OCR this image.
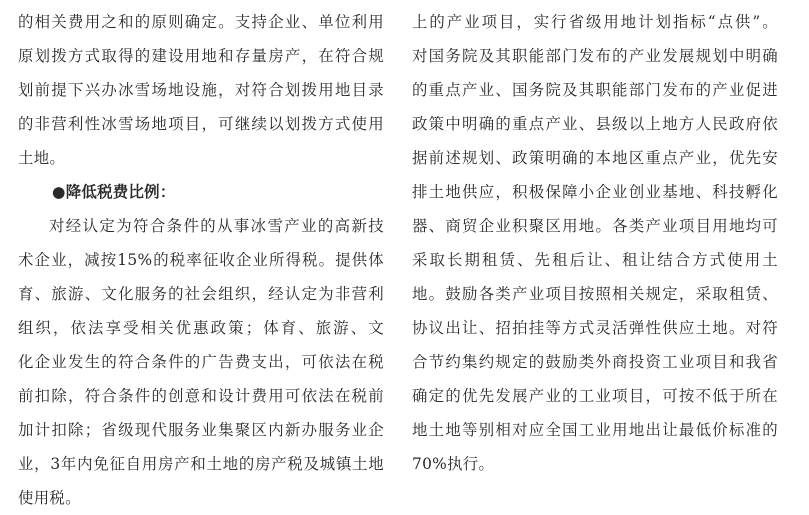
的相关费用之和的原则确定。支持企业、单位利用
原划拨方式取得的建设用地和存量房产，在符合规
划前提下兴办冰雪场地设施，对符合划拨用地目录
的非营利性冰雪场地项目，可继续以划拨方式使用
土地。
●降低税费比例：
对经认定为符合条件的从事冰雪产业的高新技
术企业，减按15%的税率征收企业所得税。提供体
育、旅游、文化服务的社会组织，经认定为非营利
组织，依法享受相关优惠政策；体育、旅游、文
化企业发生的符合条件的广告费支出，可依法在税
前扣除，符合条件的创意和设计费用可依法在税前
加计扣除；省级现代服务业集聚区内新办服务业企
业，3年内免征自用房产和土地的房产税及城镇土地
使用税。
上的产业项目，实行省级用地计划指标“点供”。
对国务院及其职能部门发布的产业发展规划中明确
的重点产业、国务院及其职能部门发布的产业促进
政策中明确的重点产业、县级以上地方人民政府依
据前述规划、政策明确的本地区重点产业，优先安
排土地供应，积极保障小企业创业基地、科技孵化
器、商贸企业积聚区用地。各类产业项目用地均可
采取长期租赁、先租后让、租让结合方式使用土
地。鼓励各类产业项目按照相关规定，采取租赁、
协议出让、招拍挂等方式灵活弹性供应土地。对符
合节约集约规定的鼓励类外商投资工业项目和我省
确定的优先发展产业的工业项目，可按不低于所在
地土地等别相对应全国工业用地出让最低价标准的
70%执行。
